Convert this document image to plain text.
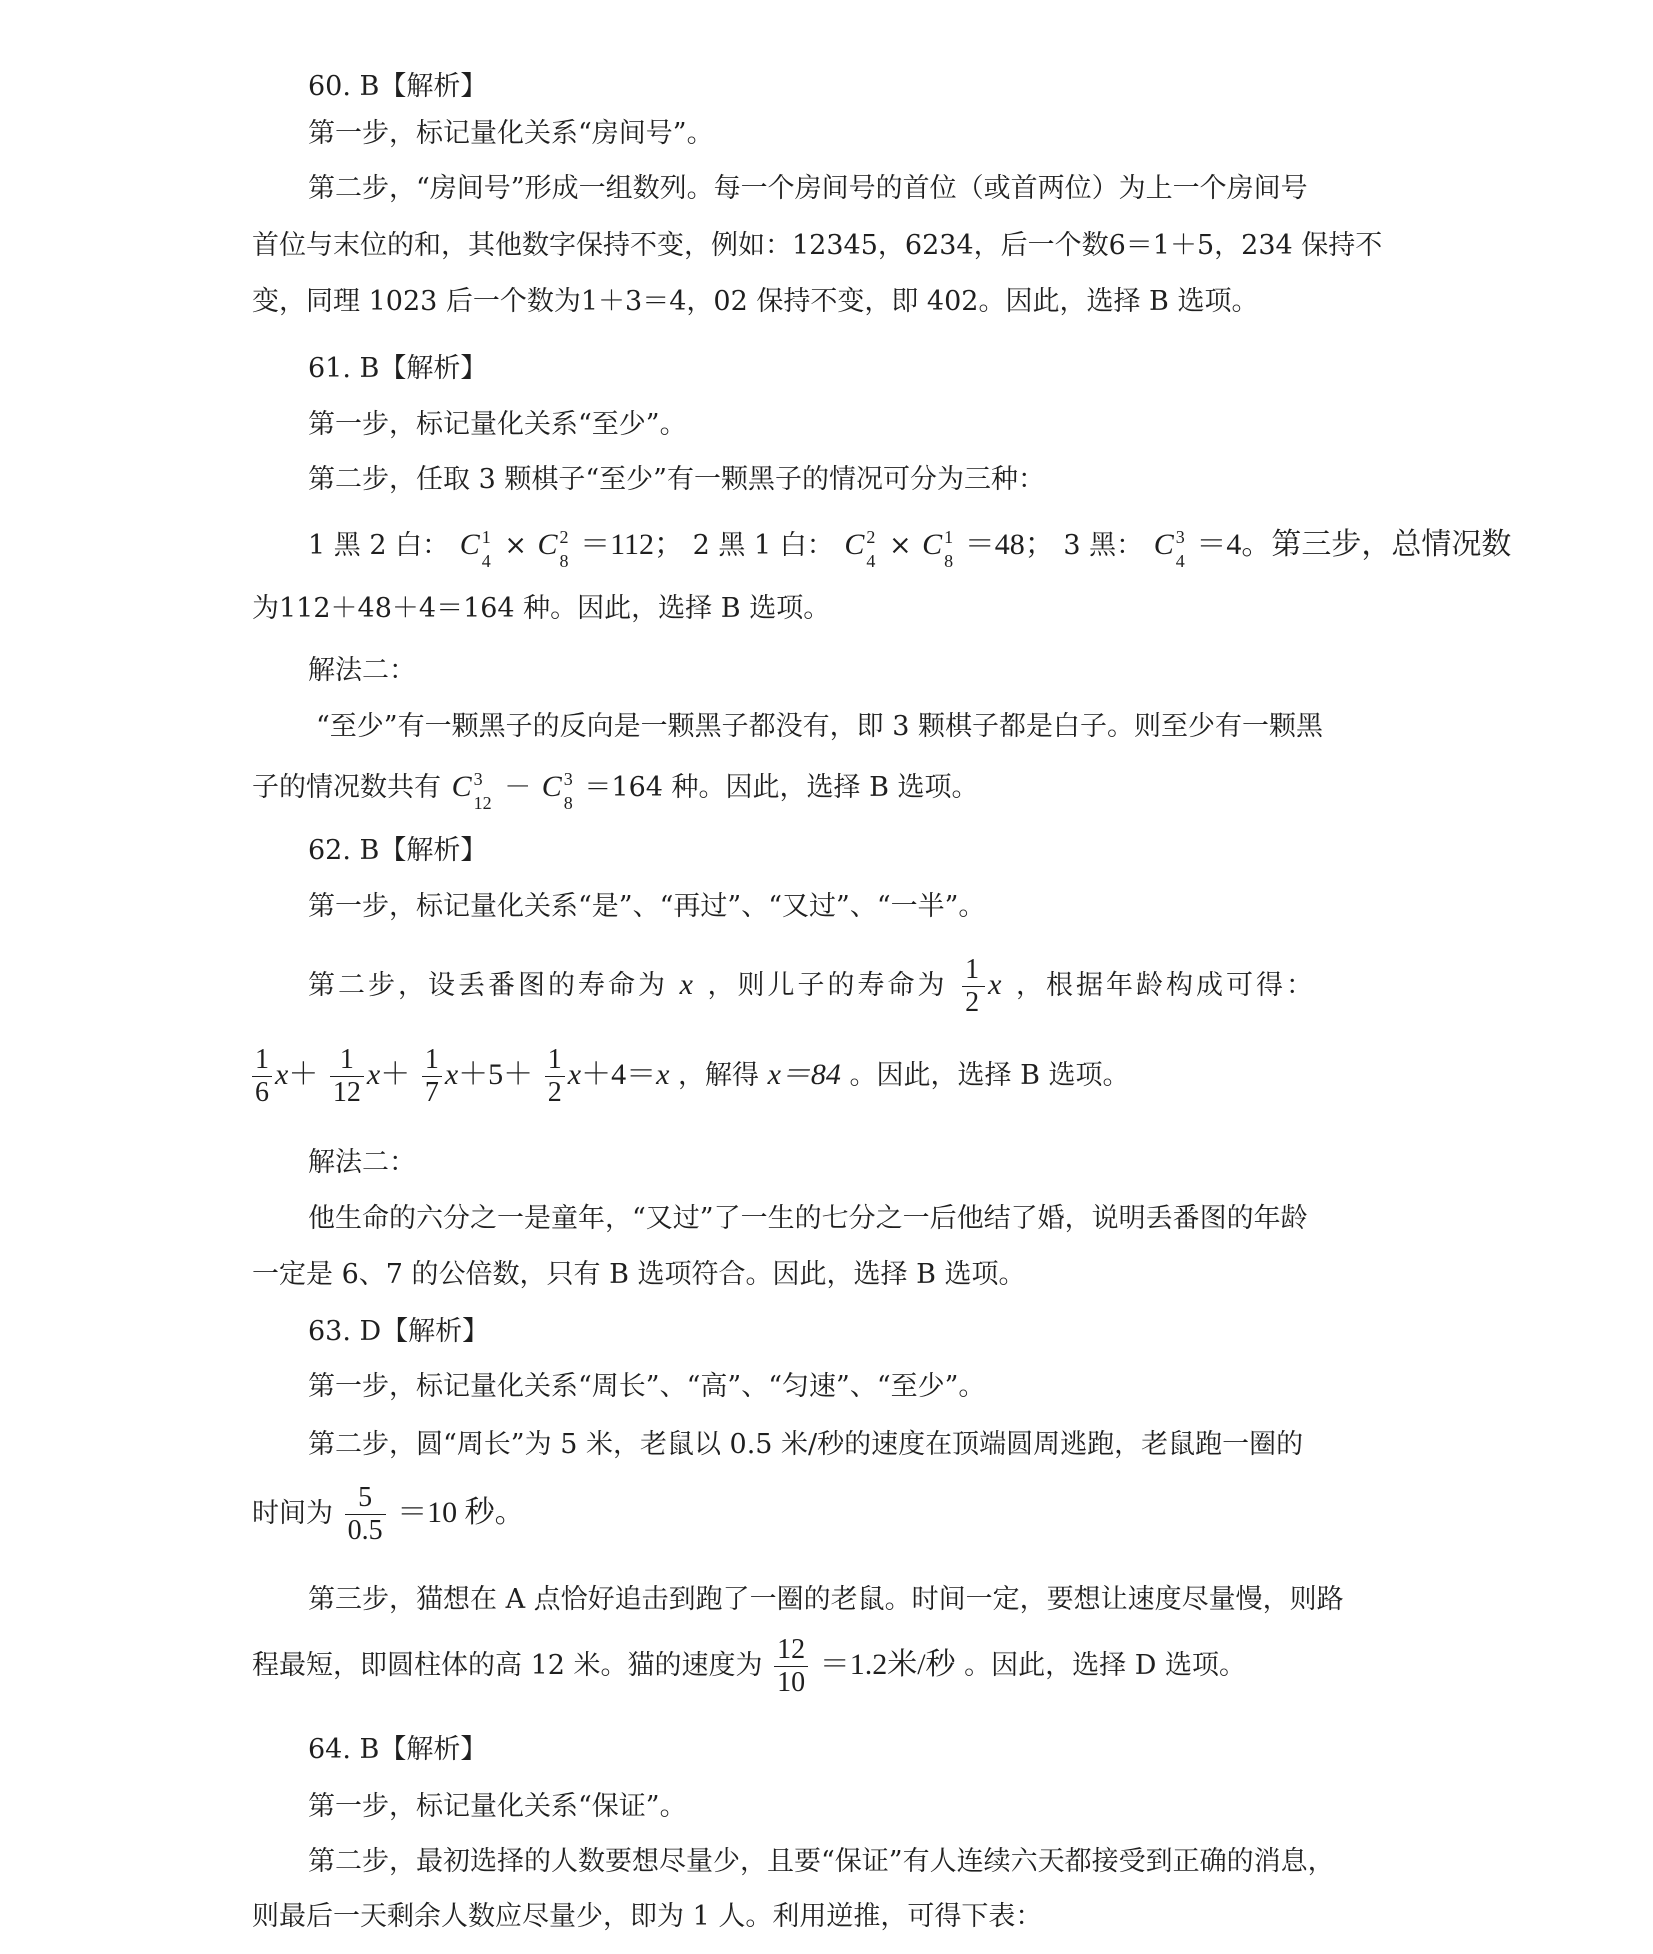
60. B【解析】
第一步，标记量化关系“房间号”。
第二步，“房间号”形成一组数列。每一个房间号的首位（或首两位）为上一个房间号
首位与末位的和，其他数字保持不变，例如：12345，6234，后一个数6＝1＋5，234 保持不
变，同理 1023 后一个数为1＋3＝4，02 保持不变，即 402。因此，选择 B 选项。
61. B【解析】
第一步，标记量化关系“至少”。
第二步，任取 3 颗棋子“至少”有一颗黑子的情况可分为三种：
1 黑 2 白： C 1
4 × C 2
8 ＝112； 2 黑 1 白： C 2
4 × C 1
8 ＝48； 3 黑： C 3
4 ＝4。第三步，总情况数
为112＋48＋4＝164 种。因此，选择 B 选项。
解法二：
“至少”有一颗黑子的反向是一颗黑子都没有，即 3 颗棋子都是白子。则至少有一颗黑
子的情况数共有 C 3
12 － C 3
8 ＝164 种。因此，选择 B 选项。
62. B【解析】
第一步，标记量化关系“是”、“再过”、“又过”、“一半”。
第二步，设丢番图的寿命为 x ，则儿子的寿命为 $\frac{1}{2}$ x ，根据年龄构成可得：
$\frac{1}{6} x+ \frac{1}{12} x+ \frac{1}{7} x+5+ \frac{1}{2} x+4=x$ ，解得 x＝84 。因此，选择 B 选项。
解法二：
他生命的六分之一是童年，“又过”了一生的七分之一后他结了婚，说明丢番图的年龄
一定是 6、7 的公倍数，只有 B 选项符合。因此，选择 B 选项。
63. D【解析】
第一步，标记量化关系“周长”、“高”、“匀速”、“至少”。
第二步，圆“周长”为 5 米，老鼠以 0.5 米/秒的速度在顶端圆周逃跑，老鼠跑一圈的
时间为 $\frac{5}{0.5} =10$ 秒。
第三步，猫想在 A 点恰好追击到跑了一圈的老鼠。时间一定，要想让速度尽量慢，则路
程最短，即圆柱体的高 12 米。猫的速度为 $\frac{12}{10} =1.2$米/秒 。因此，选择 D 选项。
64. B【解析】
第一步，标记量化关系“保证”。
第二步，最初选择的人数要想尽量少，且要“保证”有人连续六天都接受到正确的消息，
则最后一天剩余人数应尽量少，即为 1 人。利用逆推，可得下表：
